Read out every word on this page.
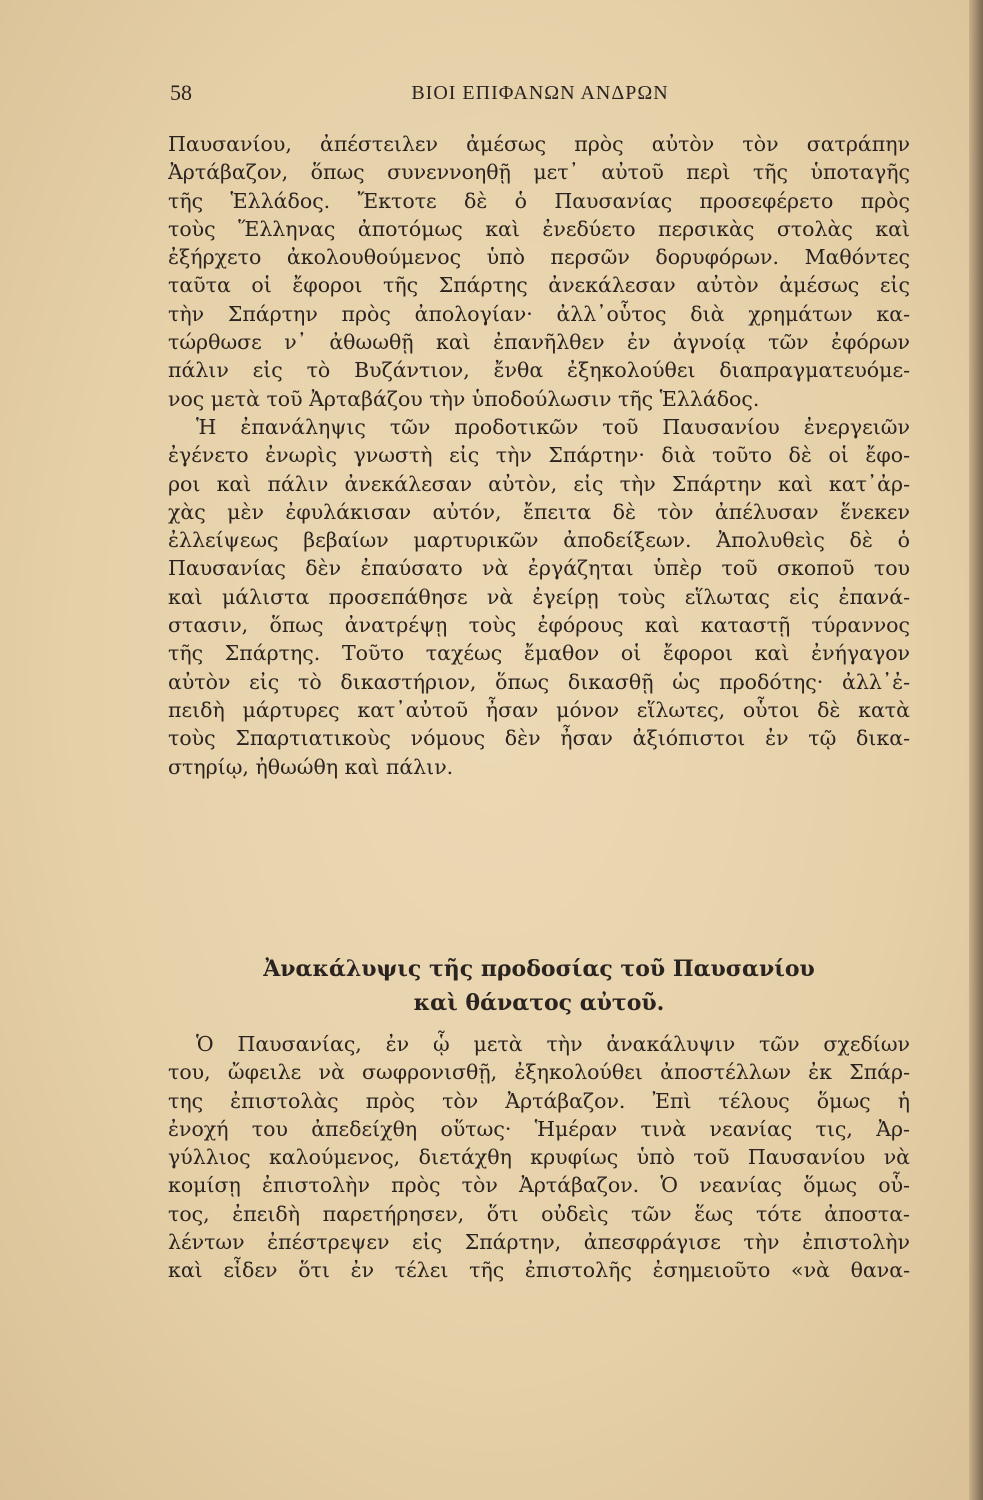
58	ΒΙΟΙ ΕΠΙΦΑΝΩΝ ΑΝΔΡΩΝ
Παυσανίου, ἀπέστειλεν ἀμέσως πρὸς αὐτὸν τὸν σατράπην
Ἀρτάβαζον, ὅπως συνεννοηθῇ μετ᾽ αὐτοῦ περὶ τῆς ὑποταγῆς
τῆς Ἑλλάδος. Ἔκτοτε δὲ ὁ Παυσανίας προσεφέρετο πρὸς
τοὺς Ἕλληνας ἀποτόμως καὶ ἐνεδύετο περσικὰς στολὰς καὶ
ἐξήρχετο ἀκολουθούμενος ὑπὸ περσῶν δορυφόρων. Μαθόντες
ταῦτα οἱ ἔφοροι τῆς Σπάρτης ἀνεκάλεσαν αὐτὸν ἀμέσως εἰς
τὴν Σπάρτην πρὸς ἀπολογίαν· ἀλλ᾽οὗτος διὰ χρημάτων κα-
τώρθωσε ν᾽ ἀθωωθῇ καὶ ἐπανῆλθεν ἐν ἀγνοίᾳ τῶν ἐφόρων
πάλιν εἰς τὸ Βυζάντιον, ἔνθα ἐξηκολούθει διαπραγματευόμε-
νος μετὰ τοῦ Ἀρταβάζου τὴν ὑποδούλωσιν τῆς Ἑλλάδος.
Ἡ ἐπανάληψις τῶν προδοτικῶν τοῦ Παυσανίου ἐνεργειῶν
ἐγένετο ἐνωρὶς γνωστὴ εἰς τὴν Σπάρτην· διὰ τοῦτο δὲ οἱ ἔφο-
ροι καὶ πάλιν ἀνεκάλεσαν αὐτὸν, εἰς τὴν Σπάρτην καὶ κατ᾽ἀρ-
χὰς μὲν ἐφυλάκισαν αὐτόν, ἔπειτα δὲ τὸν ἀπέλυσαν ἕνεκεν
ἐλλείψεως βεβαίων μαρτυρικῶν ἀποδείξεων. Ἀπολυθεὶς δὲ ὁ
Παυσανίας δὲν ἐπαύσατο νὰ ἐργάζηται ὑπὲρ τοῦ σκοποῦ του
καὶ μάλιστα προσεπάθησε νὰ ἐγείρῃ τοὺς εἵλωτας εἰς ἐπανά-
στασιν, ὅπως ἀνατρέψῃ τοὺς ἐφόρους καὶ καταστῇ τύραννος
τῆς Σπάρτης. Τοῦτο ταχέως ἔμαθον οἱ ἔφοροι καὶ ἐνήγαγον
αὐτὸν εἰς τὸ δικαστήριον, ὅπως δικασθῇ ὡς προδότης· ἀλλ᾽ἐ-
πειδὴ μάρτυρες κατ᾽αὐτοῦ ἦσαν μόνον εἵλωτες, οὗτοι δὲ κατὰ
τοὺς Σπαρτιατικοὺς νόμους δὲν ἦσαν ἀξιόπιστοι ἐν τῷ δικα-
στηρίῳ, ἠθωώθη καὶ πάλιν.
Ἀνακάλυψις τῆς προδοσίας τοῦ Παυσανίου
καὶ θάνατος αὐτοῦ.
Ὁ Παυσανίας, ἐν ᾧ μετὰ τὴν ἀνακάλυψιν τῶν σχεδίων
του, ὤφειλε νὰ σωφρονισθῇ, ἐξηκολούθει ἀποστέλλων ἐκ Σπάρ-
της ἐπιστολὰς πρὸς τὸν Ἀρτάβαζον. Ἐπὶ τέλους ὅμως ἡ
ἐνοχή του ἀπεδείχθη οὕτως· Ἡμέραν τινὰ νεανίας τις, Ἀρ-
γύλλιος καλούμενος, διετάχθη κρυφίως ὑπὸ τοῦ Παυσανίου νὰ
κομίσῃ ἐπιστολὴν πρὸς τὸν Ἀρτάβαζον. Ὁ νεανίας ὅμως οὗ-
τος, ἐπειδὴ παρετήρησεν, ὅτι οὐδεὶς τῶν ἕως τότε ἀποστα-
λέντων ἐπέστρεψεν εἰς Σπάρτην, ἀπεσφράγισε τὴν ἐπιστολὴν
καὶ εἶδεν ὅτι ἐν τέλει τῆς ἐπιστολῆς ἐσημειοῦτο «νὰ θανα-
